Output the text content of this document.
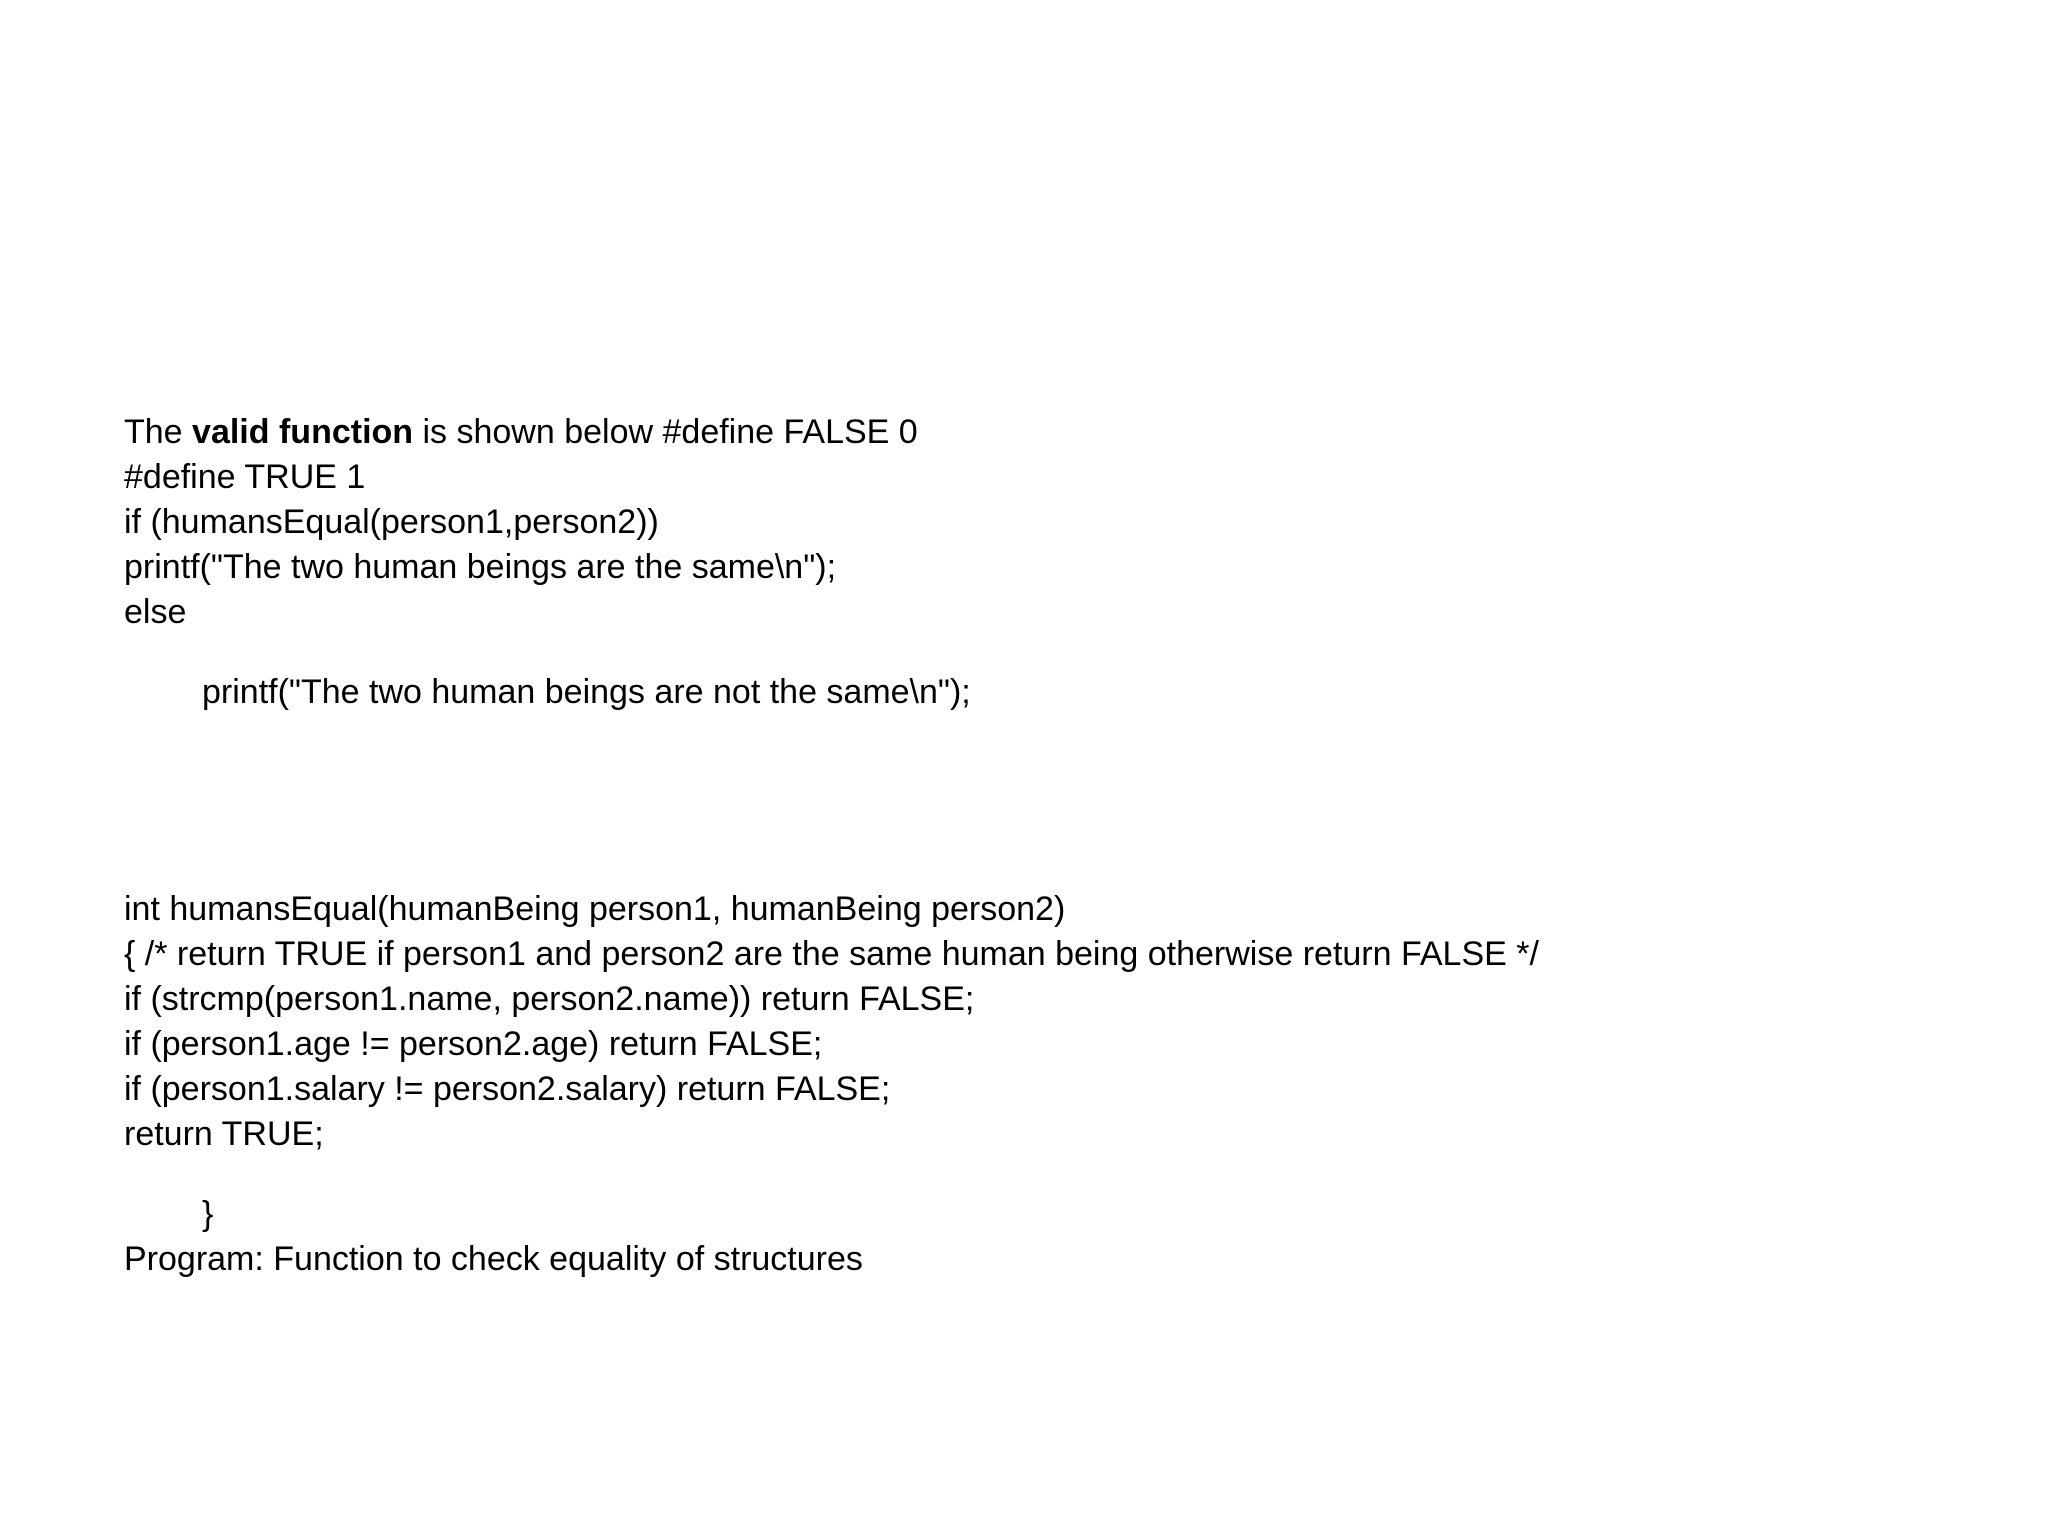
The valid function is shown below #define FALSE 0
#define TRUE 1
if (humansEqual(person1,person2))
printf("The two human beings are the same\n");
else
printf("The two human beings are not the same\n");
int humansEqual(humanBeing person1, humanBeing person2)
{ /* return TRUE if person1 and person2 are the same human being otherwise return FALSE */
if (strcmp(person1.name, person2.name)) return FALSE;
if (person1.age != person2.age) return FALSE;
if (person1.salary != person2.salary) return FALSE;
return TRUE;
}
Program: Function to check equality of structures
